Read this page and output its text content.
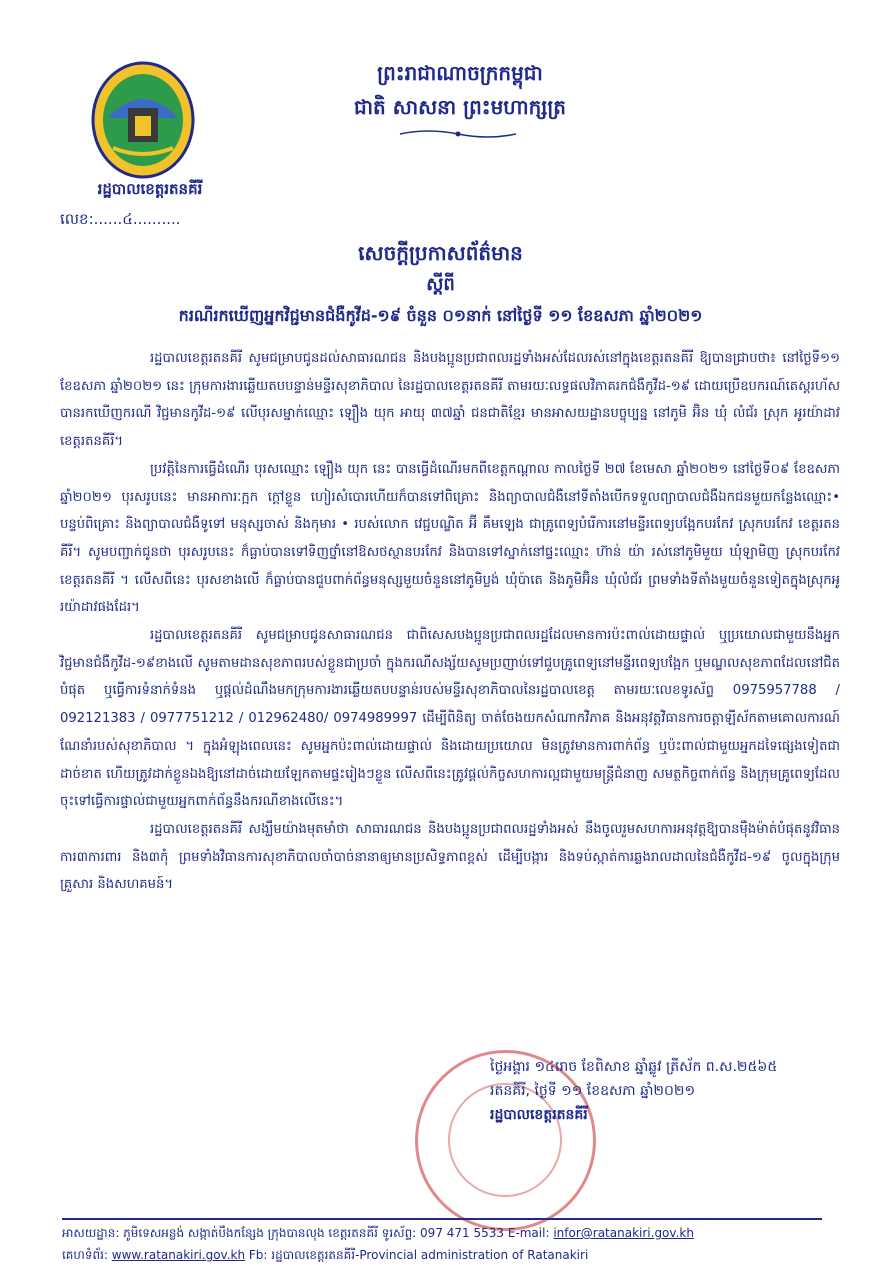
ព្រះរាជាណាចក្រកម្ពុជា
ជាតិ សាសនា ព្រះមហាក្សត្រ
រដ្ឋបាលខេត្តរតនគីរី
លេខ:......៤..........
សេចក្តីប្រកាសព័ត៌មាន
ស្តីពី
ករណីរកឃើញអ្នកវិជ្ជមានជំងឺកូវីដ-១៩ ចំនួន ០១នាក់ នៅថ្ងៃទី ១១ ខែឧសភា ឆ្នាំ២០២១

រដ្ឋបាលខេត្តរតនគីរី សូមជម្រាបជូនដល់សាធារណជន និងបងប្អូនប្រជាពលរដ្ឋទាំងអស់ដែលរស់នៅក្នុងខេត្តរតនគីរី ឱ្យបានជ្រាបថា៖ នៅថ្ងៃទី១១ ខែឧសភា ឆ្នាំ២០២១ នេះ ក្រុមការងារឆ្លើយតបបន្ទាន់មន្ទីរសុខាភិបាល នៃរដ្ឋបាលខេត្តរតនគីរី តាមរយៈលទ្ធផលវិភាគរកជំងឺកូវីដ-១៩ ដោយប្រើឧបករណ៍តេស្តរហ័ស បានរកឃើញករណី វិជ្ជមានកូវីដ-១៩ លើបុរសម្នាក់ឈ្មោះ ឡឿង យុក អាយុ ៣៧ឆ្នាំ ជនជាតិខ្មែរ មានអាសយដ្ឋានបច្ចុប្បន្ន នៅភូមិ អ៊ិន ឃុំ លំជ័រ ស្រុក អូរយ៉ាដាវ ខេត្តរតនគីរី។

ប្រវត្តិនៃការធ្វើដំណើរ បុរសឈ្មោះ ឡឿង យុក នេះ បានធ្វើដំណើរមកពីខេត្តកណ្តាល កាលថ្ងៃទី ២៧ ខែមេសា ឆ្នាំ២០២១ នៅថ្ងៃទី០៩ ខែឧសភា ឆ្នាំ២០២១ បុរសរូបនេះ មានអាការៈក្អក ក្តៅខ្លួន ហៀរសំបោរហើយក៏បានទៅពិគ្រោះ និងព្យាបាលជំងឺនៅទីតាំងបើកទទួលព្យាបាលជំងឺឯកជនមួយកន្លែងឈ្មោះ• បន្ទប់ពិគ្រោះ និងព្យាបាលជំងឺទូទៅ មនុស្សចាស់ និងកុមារ • របស់លោក វេជ្ជបណ្ឌិត អ៊ី គឹមឡេង ជាគ្រូពេទ្យបំរើការនៅមន្ទីរពេទ្យបង្អែកបរកែវ ស្រុកបរកែវ ខេត្តរតនគីរី។ សូមបញ្ជាក់ជូនថា បុរសរូបនេះ ក៏ធ្លាប់បានទៅទិញថ្នាំនៅឱសថស្ថានបរកែវ និងបានទៅស្នាក់នៅផ្ទះឈ្មោះ ហ៊ាន់ យ៉ា រស់នៅភូមិមួយ ឃុំឡាមិញ ស្រុកបរកែវ ខេត្តរតនគីរី ។ លើសពីនេះ បុរសខាងលើ ក៏ធ្លាប់បានជួបពាក់ព័ន្ធមនុស្សមួយចំនួននៅភូមិប្លង់ ឃុំប៉ាតេ និងភូមិអ៊ិន ឃុំលំជ័រ ព្រមទាំងទីតាំងមួយចំនួនទៀតក្នុងស្រុកអូរយ៉ាដាវផងដែរ។

រដ្ឋបាលខេត្តរតនគីរី សូមជម្រាបជូនសាធារណជន ជាពិសេសបងប្អូនប្រជាពលរដ្ឋដែលមានការប៉ះពាល់ដោយផ្ទាល់ ឬប្រយោលជាមួយនឹងអ្នកវិជ្ជមានជំងឺកូវីដ-១៩ខាងលើ សូមតាមដានសុខភាពរបស់ខ្លួនជាប្រចាំ ក្នុងករណីសង្ស័យសូមប្រញាប់ទៅជួបគ្រូពេទ្យនៅមន្ទីរពេទ្យបង្អែក ឬមណ្ឌលសុខភាពដែលនៅជិតបំផុត ឬធ្វើការទំនាក់ទំនង ឬផ្តល់ដំណឹងមកក្រុមការងារឆ្លើយតបបន្ទាន់របស់មន្ទីរសុខាភិបាលនៃរដ្ឋបាលខេត្ត តាមរយៈលេខទូរស័ព្ទ 0975957788 / 092121383 / 0977751212 / 012962480/ 0974989997 ដើម្បីពិនិត្យ ចាត់ចែងយកសំណាកវិភាគ និងអនុវត្តវិធានការចត្តាឡីស័កតាមគោលការណ៍ណែនាំរបស់សុខាភិបាល ។ ក្នុងអំឡុងពេលនេះ សូមអ្នកប៉ះពាល់ដោយផ្ទាល់ និងដោយប្រយោល មិនត្រូវមានការពាក់ព័ន្ធ ឬប៉ះពាល់ជាមួយអ្នកដទៃផ្សេងទៀតជាដាច់ខាត ហើយត្រូវដាក់ខ្លួនឯងឱ្យនៅដាច់ដោយឡែកតាមផ្ទះរៀងៗខ្លួន លើសពីនេះត្រូវផ្តល់កិច្ចសហការល្អជាមួយមន្ត្រីជំនាញ សមត្ថកិច្ចពាក់ព័ន្ធ និងក្រុមគ្រូពេទ្យដែលចុះទៅធ្វើការផ្ទាល់ជាមួយអ្នកពាក់ព័ន្ធនឹងករណីខាងលើនេះ។

រដ្ឋបាលខេត្តរតនគីរី សង្ឃឹមយ៉ាងមុតមាំថា សាធារណជន និងបងប្អូនប្រជាពលរដ្ឋទាំងអស់ នឹងចូលរួមសហការអនុវត្តឱ្យបានម៉ឺងម៉ាត់បំផុតនូវវិធានការ៣ការពារ និង៣កុំ ព្រមទាំងវិធានការសុខាភិបាលចាំបាច់នានាឲ្យមានប្រសិទ្ធភាពខ្ពស់ ដើម្បីបង្ការ និងទប់ស្កាត់ការឆ្លងរាលដាលនៃជំងឺកូវីដ-១៩ ចូលក្នុងក្រុមគ្រួសារ និងសហគមន៍។

ថ្ងៃអង្គារ ១៤រោច ខែពិសាខ ឆ្នាំឆ្លូវ ត្រីស័ក ព.ស.២៥៦៥
រតនគីរី, ថ្ងៃទី ១១ ខែឧសភា ឆ្នាំ២០២១
រដ្ឋបាលខេត្តរតនគីរី
អាសយដ្ឋាន: ភូមិទេសអន្លង់ សង្កាត់បឹងកន្សែង ក្រុងបានលុង ខេត្តរតនគីរី ទូរស័ព្ទ: 097 471 5533 E-mail: infor@ratanakiri.gov.kh
គេហទំព័រ: www.ratanakiri.gov.kh Fb: រដ្ឋបាលខេត្តរតនគីរី-Provincial administration of Ratanakiri
